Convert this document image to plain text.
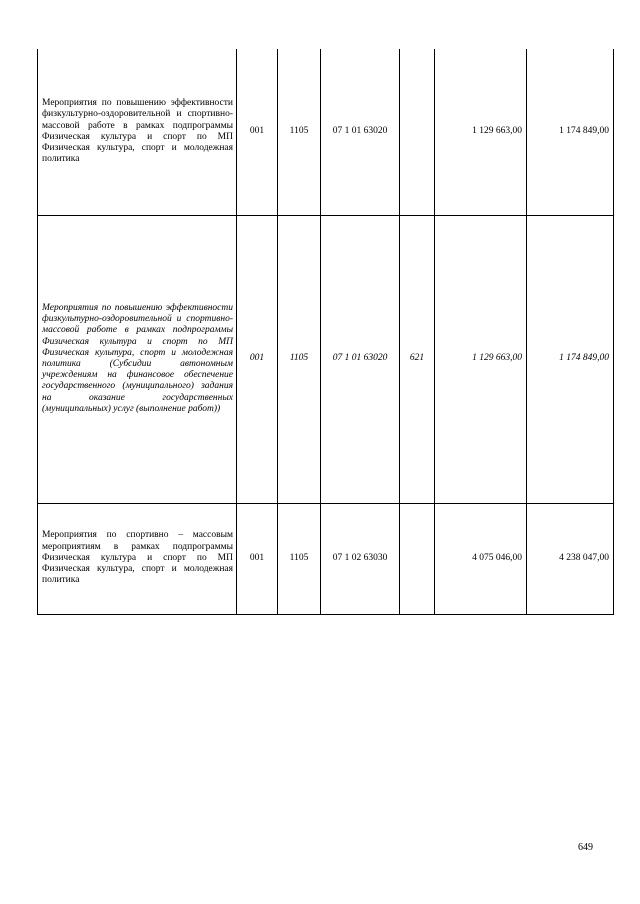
Мероприятия по повышению эффективности физкультурно-оздоровительной и спортивно-массовой работе в рамках подпрограммы Физическая культура и спорт по МП Физическая культура, спорт и молодежная политика	001	1105	07 1 01 63020		1 129 663,00	1 174 849,00
Мероприятия по повышению эффективности физкультурно-оздоровительной и спортивно-массовой работе в рамках подпрограммы Физическая культура и спорт по МП Физическая культура, спорт и молодежная политика (Субсидии автономным учреждениям на финансовое обеспечение государственного (муниципального) задания на оказание государственных (муниципальных) услуг (выполнение работ))	001	1105	07 1 01 63020	621	1 129 663,00	1 174 849,00
Мероприятия по спортивно – массовым мероприятиям в рамках подпрограммы Физическая культура и спорт по МП Физическая культура, спорт и молодежная политика	001	1105	07 1 02 63030		4 075 046,00	4 238 047,00
649
